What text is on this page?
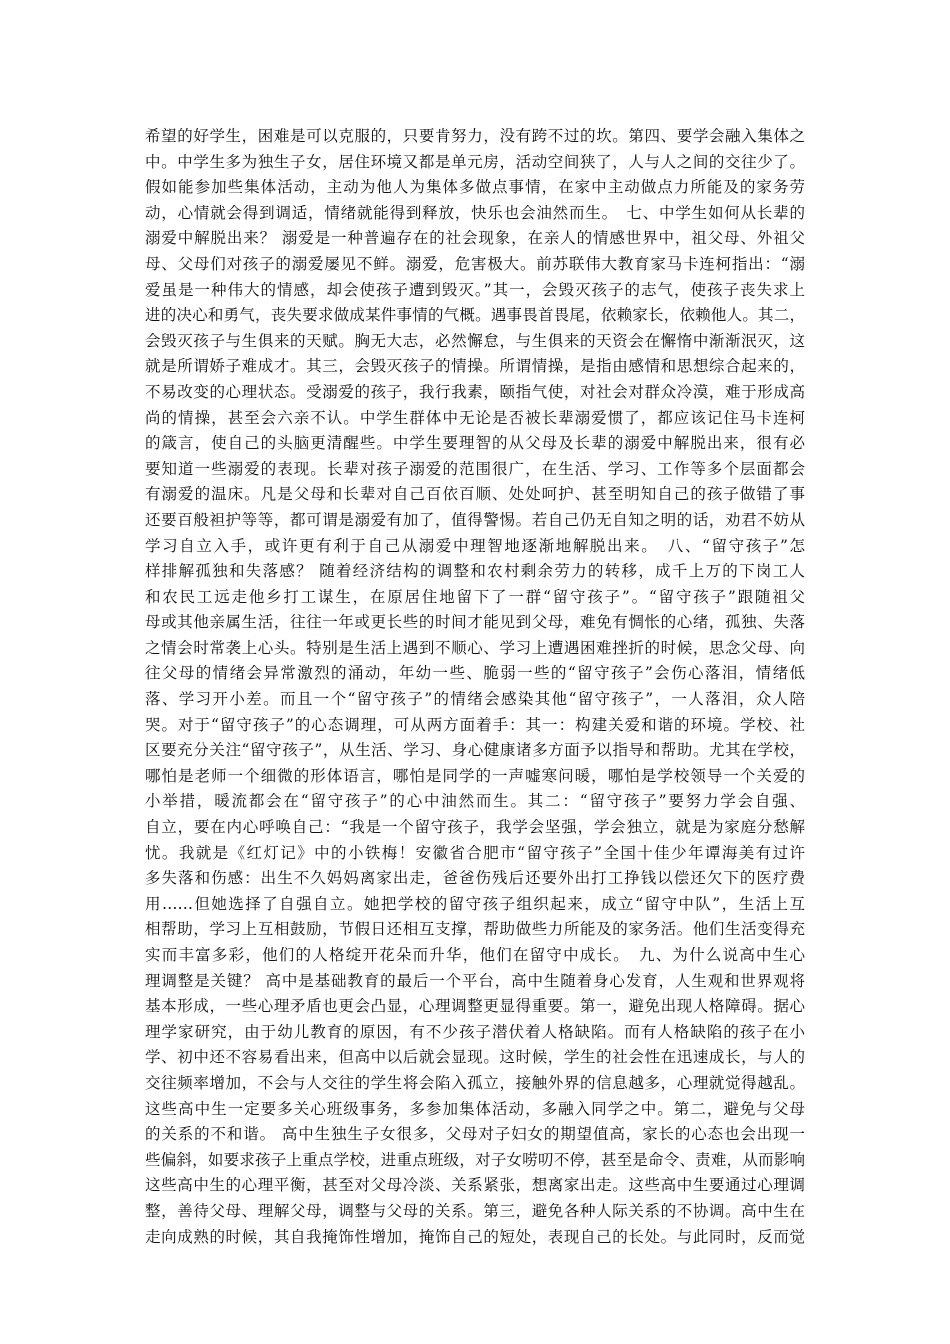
希望的好学生，困难是可以克服的，只要肯努力，没有跨不过的坎。第四、要学会融入集体之
中。中学生多为独生子女，居住环境又都是单元房，活动空间狭了，人与人之间的交往少了。
假如能参加些集体活动，主动为他人为集体多做点事情，在家中主动做点力所能及的家务劳
动，心情就会得到调适，情绪就能得到释放，快乐也会油然而生。　七、中学生如何从长辈的
溺爱中解脱出来？ 溺爱是一种普遍存在的社会现象，在亲人的情感世界中，祖父母、外祖父
母、父母们对孩子的溺爱屡见不鲜。溺爱，危害极大。前苏联伟大教育家马卡连柯指出：“溺
爱虽是一种伟大的情感，却会使孩子遭到毁灭。”其一，会毁灭孩子的志气，使孩子丧失求上
进的决心和勇气，丧失要求做成某件事情的气概。遇事畏首畏尾，依赖家长，依赖他人。其二，
会毁灭孩子与生俱来的天赋。胸无大志，必然懈怠，与生俱来的天资会在懈惰中渐渐泯灭，这
就是所谓娇子难成才。其三，会毁灭孩子的情操。所谓情操，是指由感情和思想综合起来的，
不易改变的心理状态。受溺爱的孩子，我行我素，颐指气使，对社会对群众冷漠，难于形成高
尚的情操，甚至会六亲不认。中学生群体中无论是否被长辈溺爱惯了，都应该记住马卡连柯
的箴言，使自己的头脑更清醒些。中学生要理智的从父母及长辈的溺爱中解脱出来，很有必
要知道一些溺爱的表现。长辈对孩子溺爱的范围很广，在生活、学习、工作等多个层面都会
有溺爱的温床。凡是父母和长辈对自己百依百顺、处处呵护、甚至明知自己的孩子做错了事
还要百般袒护等等，都可谓是溺爱有加了，值得警惕。若自己仍无自知之明的话，劝君不妨从
学习自立入手，或许更有利于自己从溺爱中理智地逐渐地解脱出来。　八、“留守孩子”怎
样排解孤独和失落感？ 随着经济结构的调整和农村剩余劳力的转移，成千上万的下岗工人
和农民工远走他乡打工谋生，在原居住地留下了一群“留守孩子”。“留守孩子”跟随祖父
母或其他亲属生活，往往一年或更长些的时间才能见到父母，难免有惆怅的心绪，孤独、失落
之情会时常袭上心头。特别是生活上遇到不顺心、学习上遭遇困难挫折的时候，思念父母、向
往父母的情绪会异常激烈的涌动，年幼一些、脆弱一些的“留守孩子”会伤心落泪，情绪低
落、学习开小差。而且一个“留守孩子”的情绪会感染其他“留守孩子”，一人落泪，众人陪
哭。对于“留守孩子”的心态调理，可从两方面着手：其一：构建关爱和谐的环境。学校、社
区要充分关注“留守孩子”，从生活、学习、身心健康诸多方面予以指导和帮助。尤其在学校，
哪怕是老师一个细微的形体语言，哪怕是同学的一声嘘寒问暖，哪怕是学校领导一个关爱的
小举措，暖流都会在“留守孩子”的心中油然而生。其二：“留守孩子”要努力学会自强、
自立，要在内心呼唤自己：“我是一个留守孩子，我学会坚强，学会独立，就是为家庭分愁解
忧。我就是《红灯记》中的小铁梅！安徽省合肥市“留守孩子”全国十佳少年谭海美有过许
多失落和伤感：出生不久妈妈离家出走，爸爸伤残后还要外出打工挣钱以偿还欠下的医疗费
用……但她选择了自强自立。她把学校的留守孩子组织起来，成立“留守中队”，生活上互
相帮助，学习上互相鼓励，节假日还相互支撑，帮助做些力所能及的家务活。他们生活变得充
实而丰富多彩，他们的人格绽开花朵而升华，他们在留守中成长。　九、为什么说高中生心
理调整是关键？ 高中是基础教育的最后一个平台，高中生随着身心发育，人生观和世界观将
基本形成，一些心理矛盾也更会凸显，心理调整更显得重要。第一，避免出现人格障碍。据心
理学家研究，由于幼儿教育的原因，有不少孩子潜伏着人格缺陷。而有人格缺陷的孩子在小
学、初中还不容易看出来，但高中以后就会显现。这时候，学生的社会性在迅速成长，与人的
交往频率增加，不会与人交往的学生将会陷入孤立，接触外界的信息越多，心理就觉得越乱。
这些高中生一定要多关心班级事务，多参加集体活动，多融入同学之中。第二，避免与父母
的关系的不和谐。 高中生独生子女很多，父母对子妇女的期望值高，家长的心态也会出现一
些偏斜，如要求孩子上重点学校，进重点班级，对子女唠叨不停，甚至是命令、责难，从而影响
这些高中生的心理平衡，甚至对父母冷淡、关系紧张，想离家出走。这些高中生要通过心理调
整，善待父母、理解父母，调整与父母的关系。第三，避免各种人际关系的不协调。高中生在
走向成熟的时候，其自我掩饰性增加，掩饰自己的短处，表现自己的长处。与此同时，反而觉
